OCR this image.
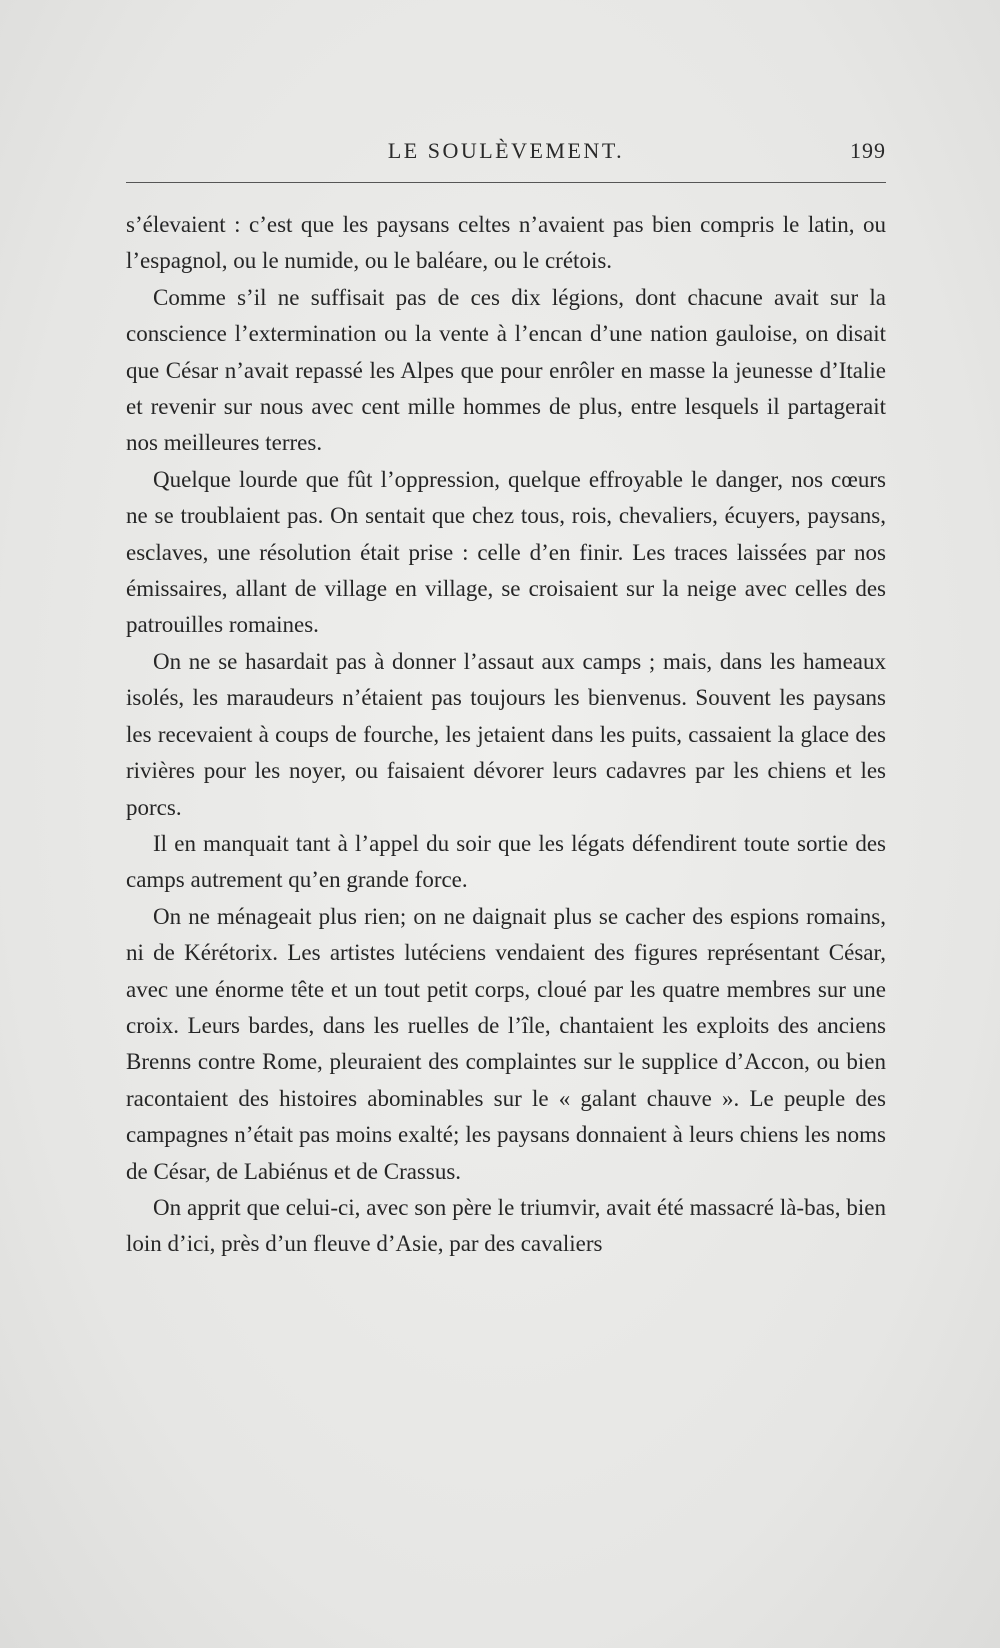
LE SOULÈVEMENT.	199

s’élevaient : c’est que les paysans celtes n’avaient pas bien compris le latin, ou l’espagnol, ou le numide, ou le baléare, ou le crétois.

Comme s’il ne suffisait pas de ces dix légions, dont chacune avait sur la conscience l’extermination ou la vente à l’encan d’une nation gauloise, on disait que César n’avait repassé les Alpes que pour enrôler en masse la jeunesse d’Italie et revenir sur nous avec cent mille hommes de plus, entre lesquels il partagerait nos meilleures terres.

Quelque lourde que fût l’oppression, quelque effroyable le danger, nos cœurs ne se troublaient pas. On sentait que chez tous, rois, chevaliers, écuyers, paysans, esclaves, une résolution était prise : celle d’en finir. Les traces laissées par nos émissaires, allant de village en village, se croisaient sur la neige avec celles des patrouilles romaines.

On ne se hasardait pas à donner l’assaut aux camps ; mais, dans les hameaux isolés, les maraudeurs n’étaient pas toujours les bienvenus. Souvent les paysans les recevaient à coups de fourche, les jetaient dans les puits, cassaient la glace des rivières pour les noyer, ou faisaient dévorer leurs cadavres par les chiens et les porcs.

Il en manquait tant à l’appel du soir que les légats défendirent toute sortie des camps autrement qu’en grande force.

On ne ménageait plus rien; on ne daignait plus se cacher des espions romains, ni de Kérétorix. Les artistes lutéciens vendaient des figures représentant César, avec une énorme tête et un tout petit corps, cloué par les quatre membres sur une croix. Leurs bardes, dans les ruelles de l’île, chantaient les exploits des anciens Brenns contre Rome, pleuraient des complaintes sur le supplice d’Accon, ou bien racontaient des histoires abominables sur le « galant chauve ». Le peuple des campagnes n’était pas moins exalté; les paysans donnaient à leurs chiens les noms de César, de Labiénus et de Crassus.

On apprit que celui-ci, avec son père le triumvir, avait été massacré là-bas, bien loin d’ici, près d’un fleuve d’Asie, par des cavaliers
